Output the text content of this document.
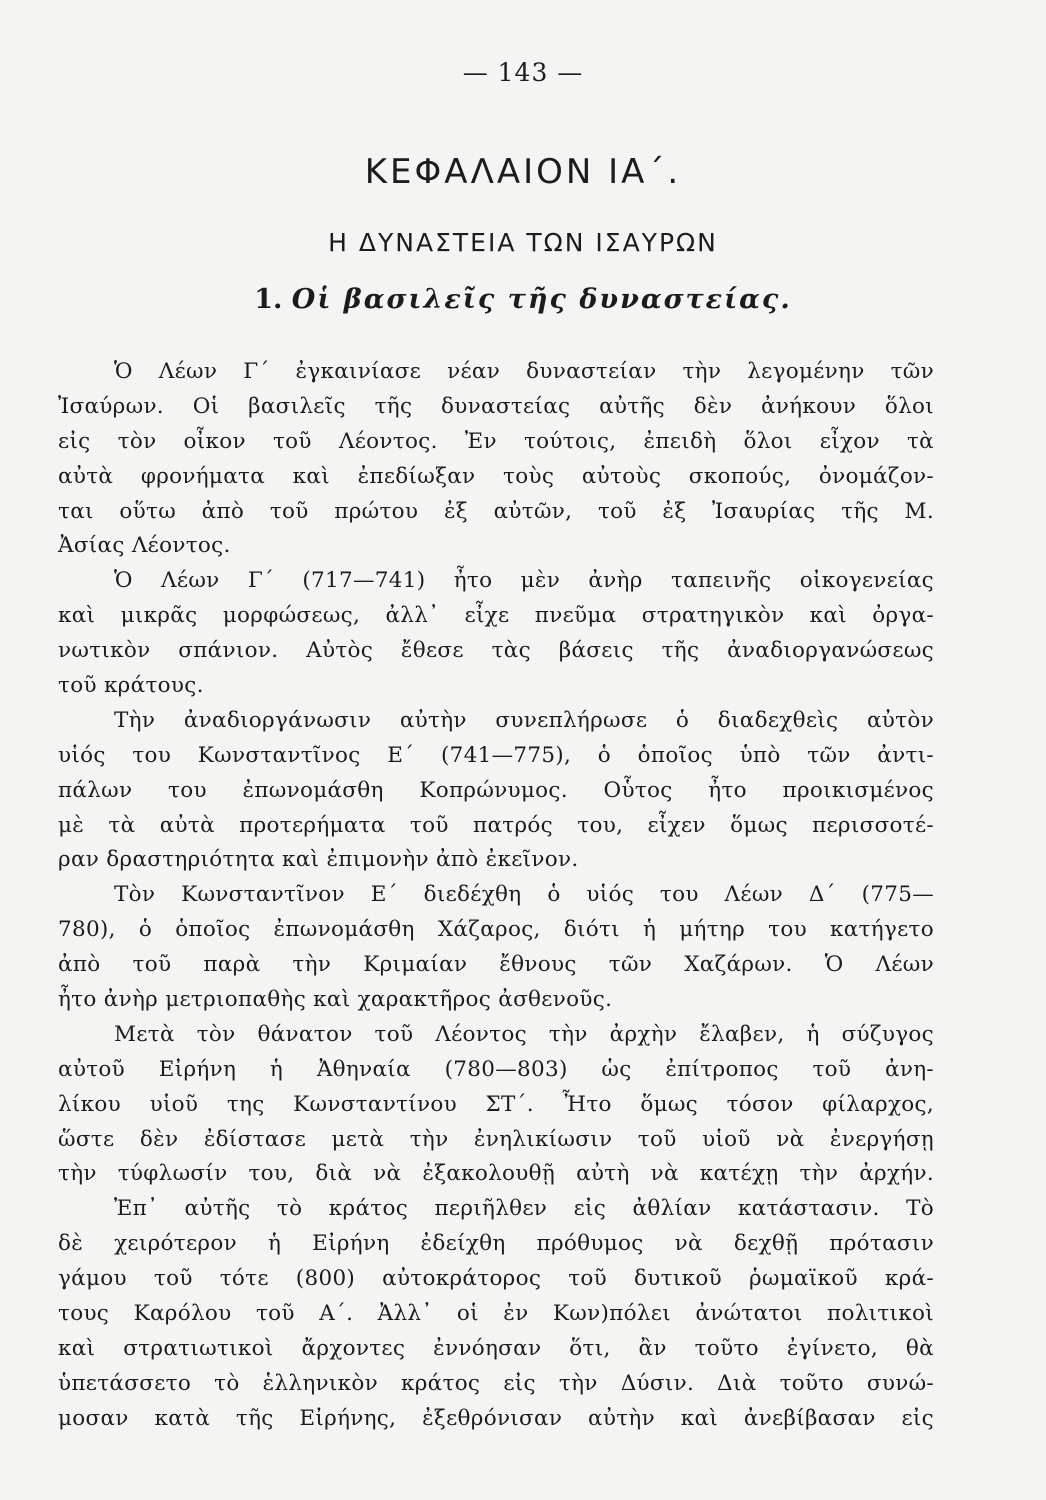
— 143 —
ΚΕΦΑΛΑΙΟΝ ΙΑ΄.
Η ΔΥΝΑΣΤΕΙΑ ΤΩΝ ΙΣΑΥΡΩΝ
1. Οἱ βασιλεῖς τῆς δυναστείας.
Ὁ Λέων Γ΄ ἐγκαινίασε νέαν δυναστείαν τὴν λεγομένην τῶν
Ἰσαύρων. Οἱ βασιλεῖς τῆς δυναστείας αὐτῆς δὲν ἀνήκουν ὅλοι
εἰς τὸν οἶκον τοῦ Λέοντος. Ἐν τούτοις, ἐπειδὴ ὅλοι εἶχον τὰ
αὐτὰ φρονήματα καὶ ἐπεδίωξαν τοὺς αὐτοὺς σκοπούς, ὀνομάζον-
ται οὕτω ἀπὸ τοῦ πρώτου ἐξ αὐτῶν, τοῦ ἐξ Ἰσαυρίας τῆς Μ.
Ἀσίας Λέοντος.
Ὁ Λέων Γ΄ (717—741) ἦτο μὲν ἀνὴρ ταπεινῆς οἰκογενείας
καὶ μικρᾶς μορφώσεως, ἀλλ᾿ εἶχε πνεῦμα στρατηγικὸν καὶ ὀργα-
νωτικὸν σπάνιον. Αὐτὸς ἔθεσε τὰς βάσεις τῆς ἀναδιοργανώσεως
τοῦ κράτους.
Τὴν ἀναδιοργάνωσιν αὐτὴν συνεπλήρωσε ὁ διαδεχθεὶς αὐτὸν
υἱός του Κωνσταντῖνος Ε΄ (741—775), ὁ ὁποῖος ὑπὸ τῶν ἀντι-
πάλων του ἐπωνομάσθη Κοπρώνυμος. Οὗτος ἦτο προικισμένος
μὲ τὰ αὐτὰ προτερήματα τοῦ πατρός του, εἶχεν ὅμως περισσοτέ-
ραν δραστηριότητα καὶ ἐπιμονὴν ἀπὸ ἐκεῖνον.
Τὸν Κωνσταντῖνον Ε΄ διεδέχθη ὁ υἱός του Λέων Δ΄ (775—
780), ὁ ὁποῖος ἐπωνομάσθη Χάζαρος, διότι ἡ μήτηρ του κατήγετο
ἀπὸ τοῦ παρὰ τὴν Κριμαίαν ἔθνους τῶν Χαζάρων. Ὁ Λέων
ἦτο ἀνὴρ μετριοπαθὴς καὶ χαρακτῆρος ἀσθενοῦς.
Μετὰ τὸν θάνατον τοῦ Λέοντος τὴν ἀρχὴν ἔλαβεν, ἡ σύζυγος
αὐτοῦ Εἰρήνη ἡ Ἀθηναία (780—803) ὡς ἐπίτροπος τοῦ ἀνη-
λίκου υἱοῦ της Κωνσταντίνου ΣΤ΄. Ἦτο ὅμως τόσον φίλαρχος,
ὥστε δὲν ἐδίστασε μετὰ τὴν ἐνηλικίωσιν τοῦ υἱοῦ νὰ ἐνεργήσῃ
τὴν τύφλωσίν του, διὰ νὰ ἐξακολουθῇ αὐτὴ νὰ κατέχῃ τὴν ἀρχήν.
Ἐπ᾿ αὐτῆς τὸ κράτος περιῆλθεν εἰς ἀθλίαν κατάστασιν. Τὸ
δὲ χειρότερον ἡ Εἰρήνη ἐδείχθη πρόθυμος νὰ δεχθῇ πρότασιν
γάμου τοῦ τότε (800) αὐτοκράτορος τοῦ δυτικοῦ ῥωμαϊκοῦ κρά-
τους Καρόλου τοῦ Α΄. Ἀλλ᾿ οἱ ἐν Κων)πόλει ἀνώτατοι πολιτικοὶ
καὶ στρατιωτικοὶ ἄρχοντες ἐννόησαν ὅτι, ἂν τοῦτο ἐγίνετο, θὰ
ὑπετάσσετο τὸ ἑλληνικὸν κράτος εἰς τὴν Δύσιν. Διὰ τοῦτο συνώ-
μοσαν κατὰ τῆς Εἰρήνης, ἐξεθρόνισαν αὐτὴν καὶ ἀνεβίβασαν εἰς
